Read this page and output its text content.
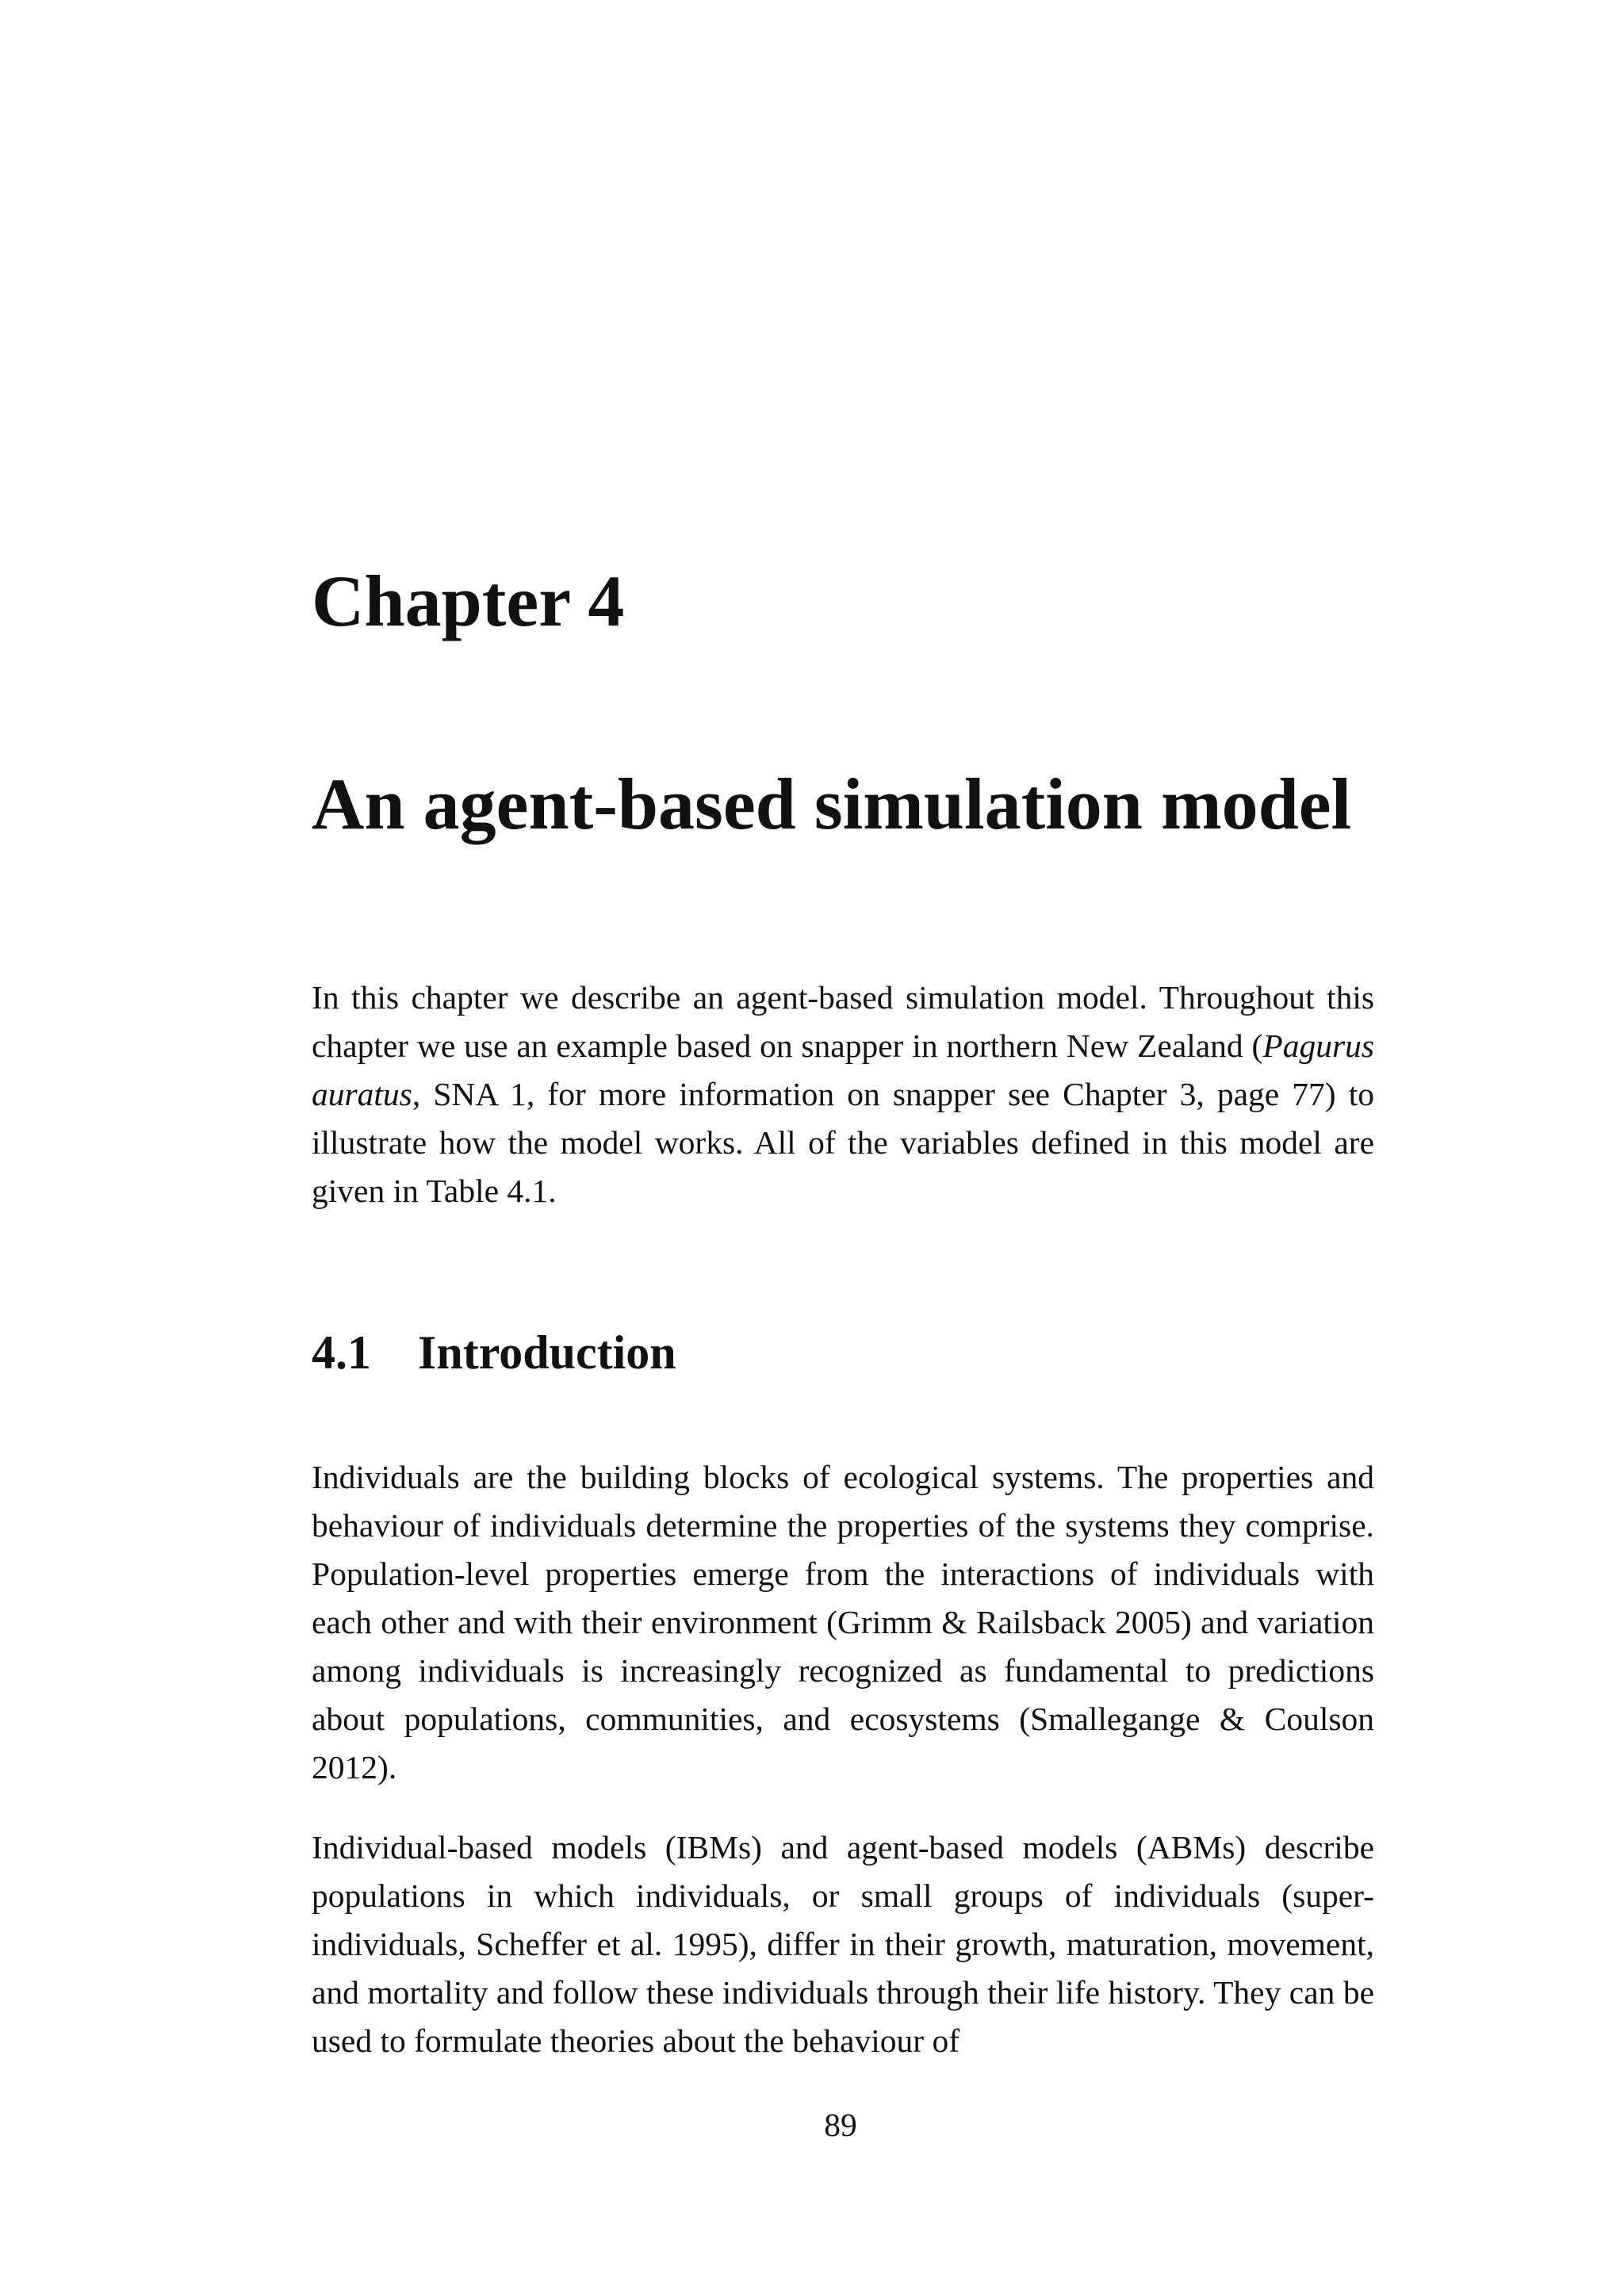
Chapter 4
An agent-based simulation model

In this chapter we describe an agent-based simulation model. Throughout this chapter we use an example based on snapper in northern New Zealand (Pagurus auratus, SNA 1, for more information on snapper see Chapter 3, page 77) to illustrate how the model works. All of the variables defined in this model are given in Table 4.1.

4.1 Introduction

Individuals are the building blocks of ecological systems. The properties and behaviour of individuals determine the properties of the systems they comprise. Population-level properties emerge from the interactions of individuals with each other and with their environment (Grimm & Railsback 2005) and variation among individuals is increasingly recognized as fundamental to predictions about populations, communities, and ecosystems (Smallegange & Coulson 2012).

Individual-based models (IBMs) and agent-based models (ABMs) describe populations in which individuals, or small groups of individuals (super-individuals, Scheffer et al. 1995), differ in their growth, maturation, movement, and mortality and follow these individuals through their life history. They can be used to formulate theories about the behaviour of

89
